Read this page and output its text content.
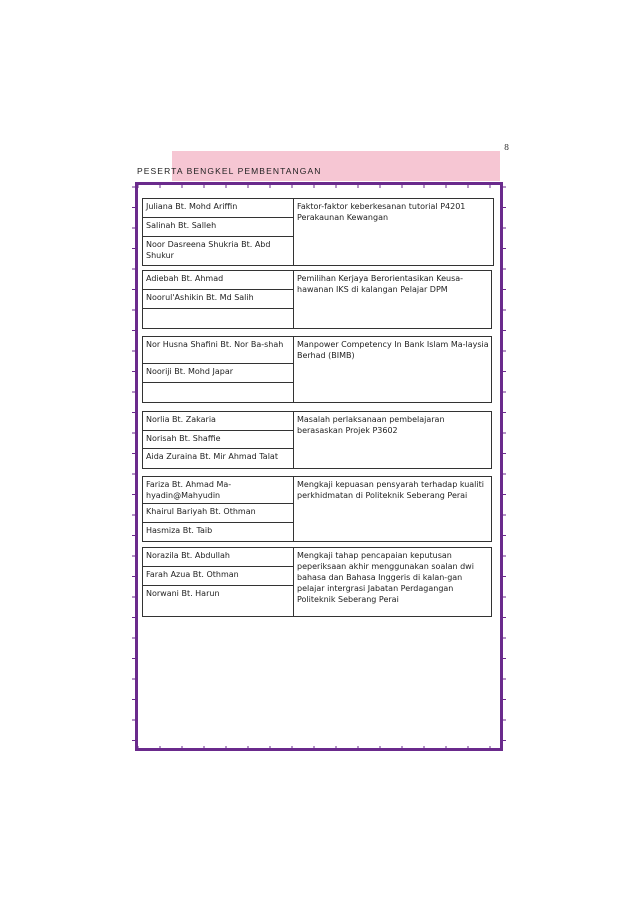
8
PESERTA BENGKEL PEMBENTANGAN
Juliana Bt. Mohd Ariffin
Salinah Bt. Salleh
Noor Dasreena Shukria Bt. Abd Shukur
Faktor-faktor keberkesanan tutorial P4201 Perakaunan Kewangan
Adiebah Bt. Ahmad
Noorul'Ashikin Bt. Md Salih
Pemilihan Kerjaya Berorientasikan Keusa-hawanan IKS di kalangan Pelajar DPM
Nor Husna Shafini Bt. Nor Ba-shah
Nooriji Bt. Mohd Japar
Manpower Competency In Bank Islam Ma-laysia Berhad (BIMB)
Norlia Bt. Zakaria
Norisah Bt. Shaffie
Aida Zuraina Bt. Mir Ahmad Talat
Masalah perlaksanaan pembelajaran berasaskan Projek P3602
Fariza Bt. Ahmad Ma-hyadin@Mahyudin
Khairul Bariyah Bt. Othman
Hasmiza Bt. Taib
Mengkaji kepuasan pensyarah terhadap kualiti perkhidmatan di Politeknik Seberang Perai
Norazila Bt. Abdullah
Farah Azua Bt. Othman
Norwani Bt. Harun
Mengkaji tahap pencapaian keputusan peperiksaan akhir menggunakan soalan dwi bahasa dan Bahasa Inggeris di kalan-gan pelajar intergrasi Jabatan Perdagangan Politeknik Seberang Perai
